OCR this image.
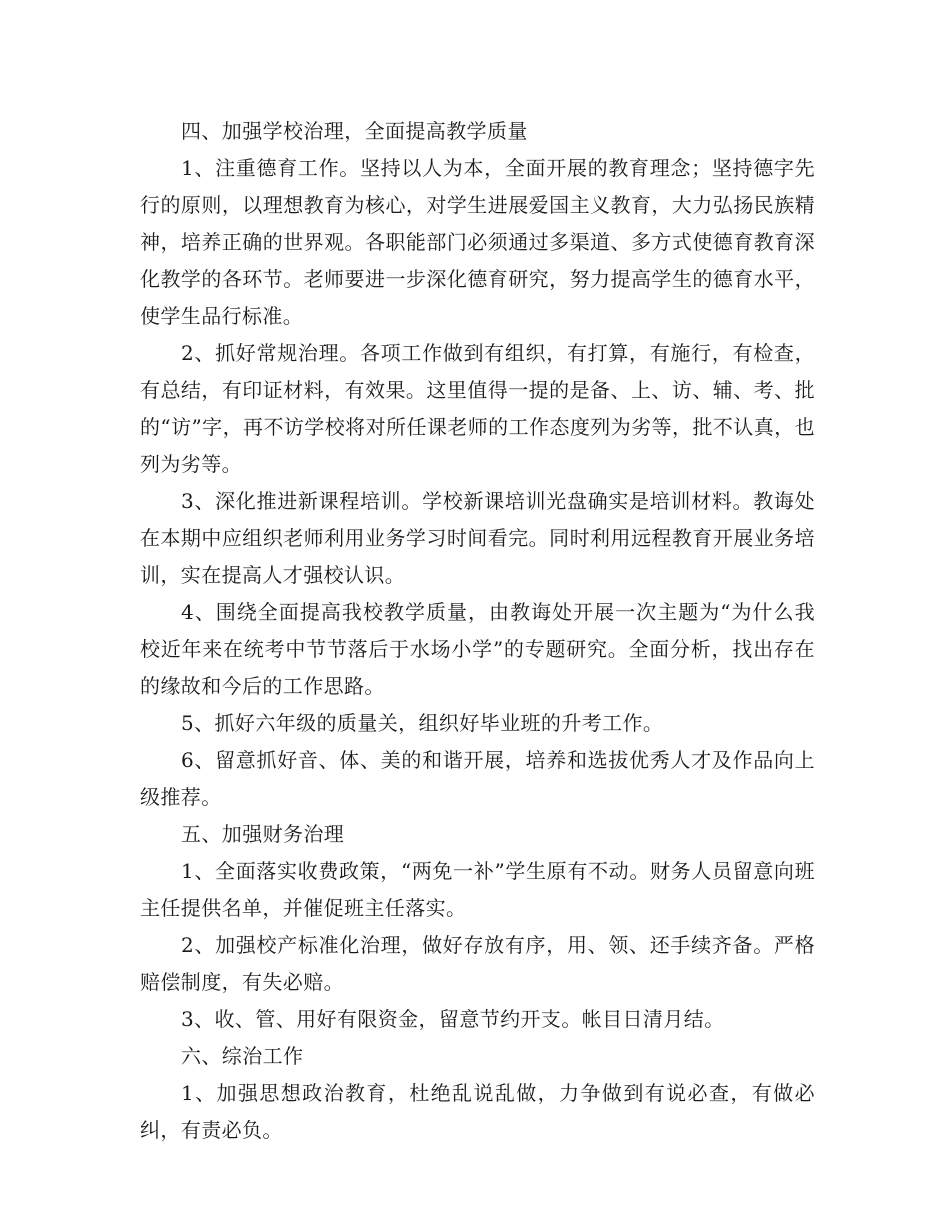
四、加强学校治理，全面提高教学质量

1、注重德育工作。坚持以人为本，全面开展的教育理念；坚持德字先行的原则，以理想教育为核心，对学生进展爱国主义教育，大力弘扬民族精神，培养正确的世界观。各职能部门必须通过多渠道、多方式使德育教育深化教学的各环节。老师要进一步深化德育研究，努力提高学生的德育水平，使学生品行标准。

2、抓好常规治理。各项工作做到有组织，有打算，有施行，有检查，有总结，有印证材料，有效果。这里值得一提的是备、上、访、辅、考、批的“访”字，再不访学校将对所任课老师的工作态度列为劣等，批不认真，也列为劣等。

3、深化推进新课程培训。学校新课培训光盘确实是培训材料。教诲处在本期中应组织老师利用业务学习时间看完。同时利用远程教育开展业务培训，实在提高人才强校认识。

4、围绕全面提高我校教学质量，由教诲处开展一次主题为“为什么我校近年来在统考中节节落后于水场小学”的专题研究。全面分析，找出存在的缘故和今后的工作思路。

5、抓好六年级的质量关，组织好毕业班的升考工作。

6、留意抓好音、体、美的和谐开展，培养和选拔优秀人才及作品向上级推荐。

五、加强财务治理

1、全面落实收费政策，“两免一补”学生原有不动。财务人员留意向班主任提供名单，并催促班主任落实。

2、加强校产标准化治理，做好存放有序，用、领、还手续齐备。严格赔偿制度，有失必赔。

3、收、管、用好有限资金，留意节约开支。帐目日清月结。

六、综治工作

1、加强思想政治教育，杜绝乱说乱做，力争做到有说必查，有做必纠，有责必负。
